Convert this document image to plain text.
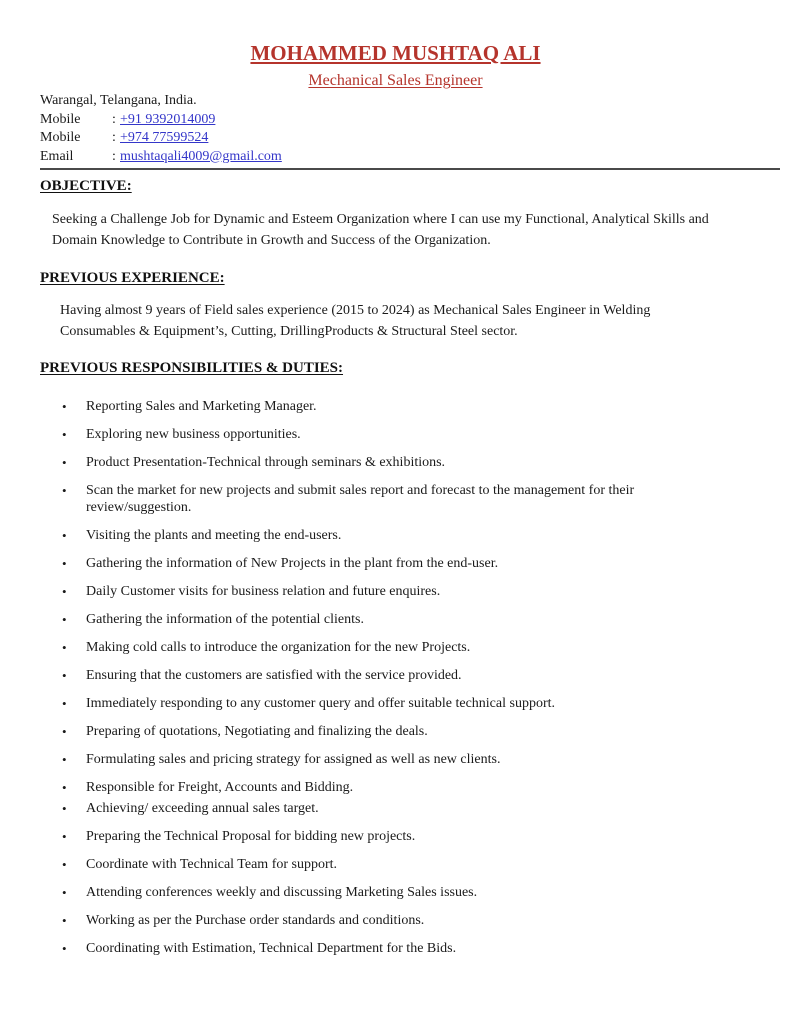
MOHAMMED MUSHTAQ ALI
Mechanical Sales Engineer
Warangal, Telangana, India.
Mobile	: +91 9392014009
Mobile	: +974 77599524
Email	: mushtaqali4009@gmail.com
OBJECTIVE:

Seeking a Challenge Job for Dynamic and Esteem Organization where I can use my Functional, Analytical Skills and Domain Knowledge to Contribute in Growth and Success of the Organization.

PREVIOUS EXPERIENCE:

Having almost 9 years of Field sales experience (2015 to 2024) as Mechanical Sales Engineer in Welding Consumables & Equipment’s, Cutting, DrillingProducts & Structural Steel sector.

PREVIOUS RESPONSIBILITIES & DUTIES:
• Reporting Sales and Marketing Manager.
• Exploring new business opportunities.
• Product Presentation-Technical through seminars & exhibitions.
• Scan the market for new projects and submit sales report and forecast to the management for their review/suggestion.
• Visiting the plants and meeting the end-users.
• Gathering the information of New Projects in the plant from the end-user.
• Daily Customer visits for business relation and future enquires.
• Gathering the information of the potential clients.
• Making cold calls to introduce the organization for the new Projects.
• Ensuring that the customers are satisfied with the service provided.
• Immediately responding to any customer query and offer suitable technical support.
• Preparing of quotations, Negotiating and finalizing the deals.
• Formulating sales and pricing strategy for assigned as well as new clients.
• Responsible for Freight, Accounts and Bidding.
• Achieving/ exceeding annual sales target.
• Preparing the Technical Proposal for bidding new projects.
• Coordinate with Technical Team for support.
• Attending conferences weekly and discussing Marketing Sales issues.
• Working as per the Purchase order standards and conditions.
• Coordinating with Estimation, Technical Department for the Bids.
